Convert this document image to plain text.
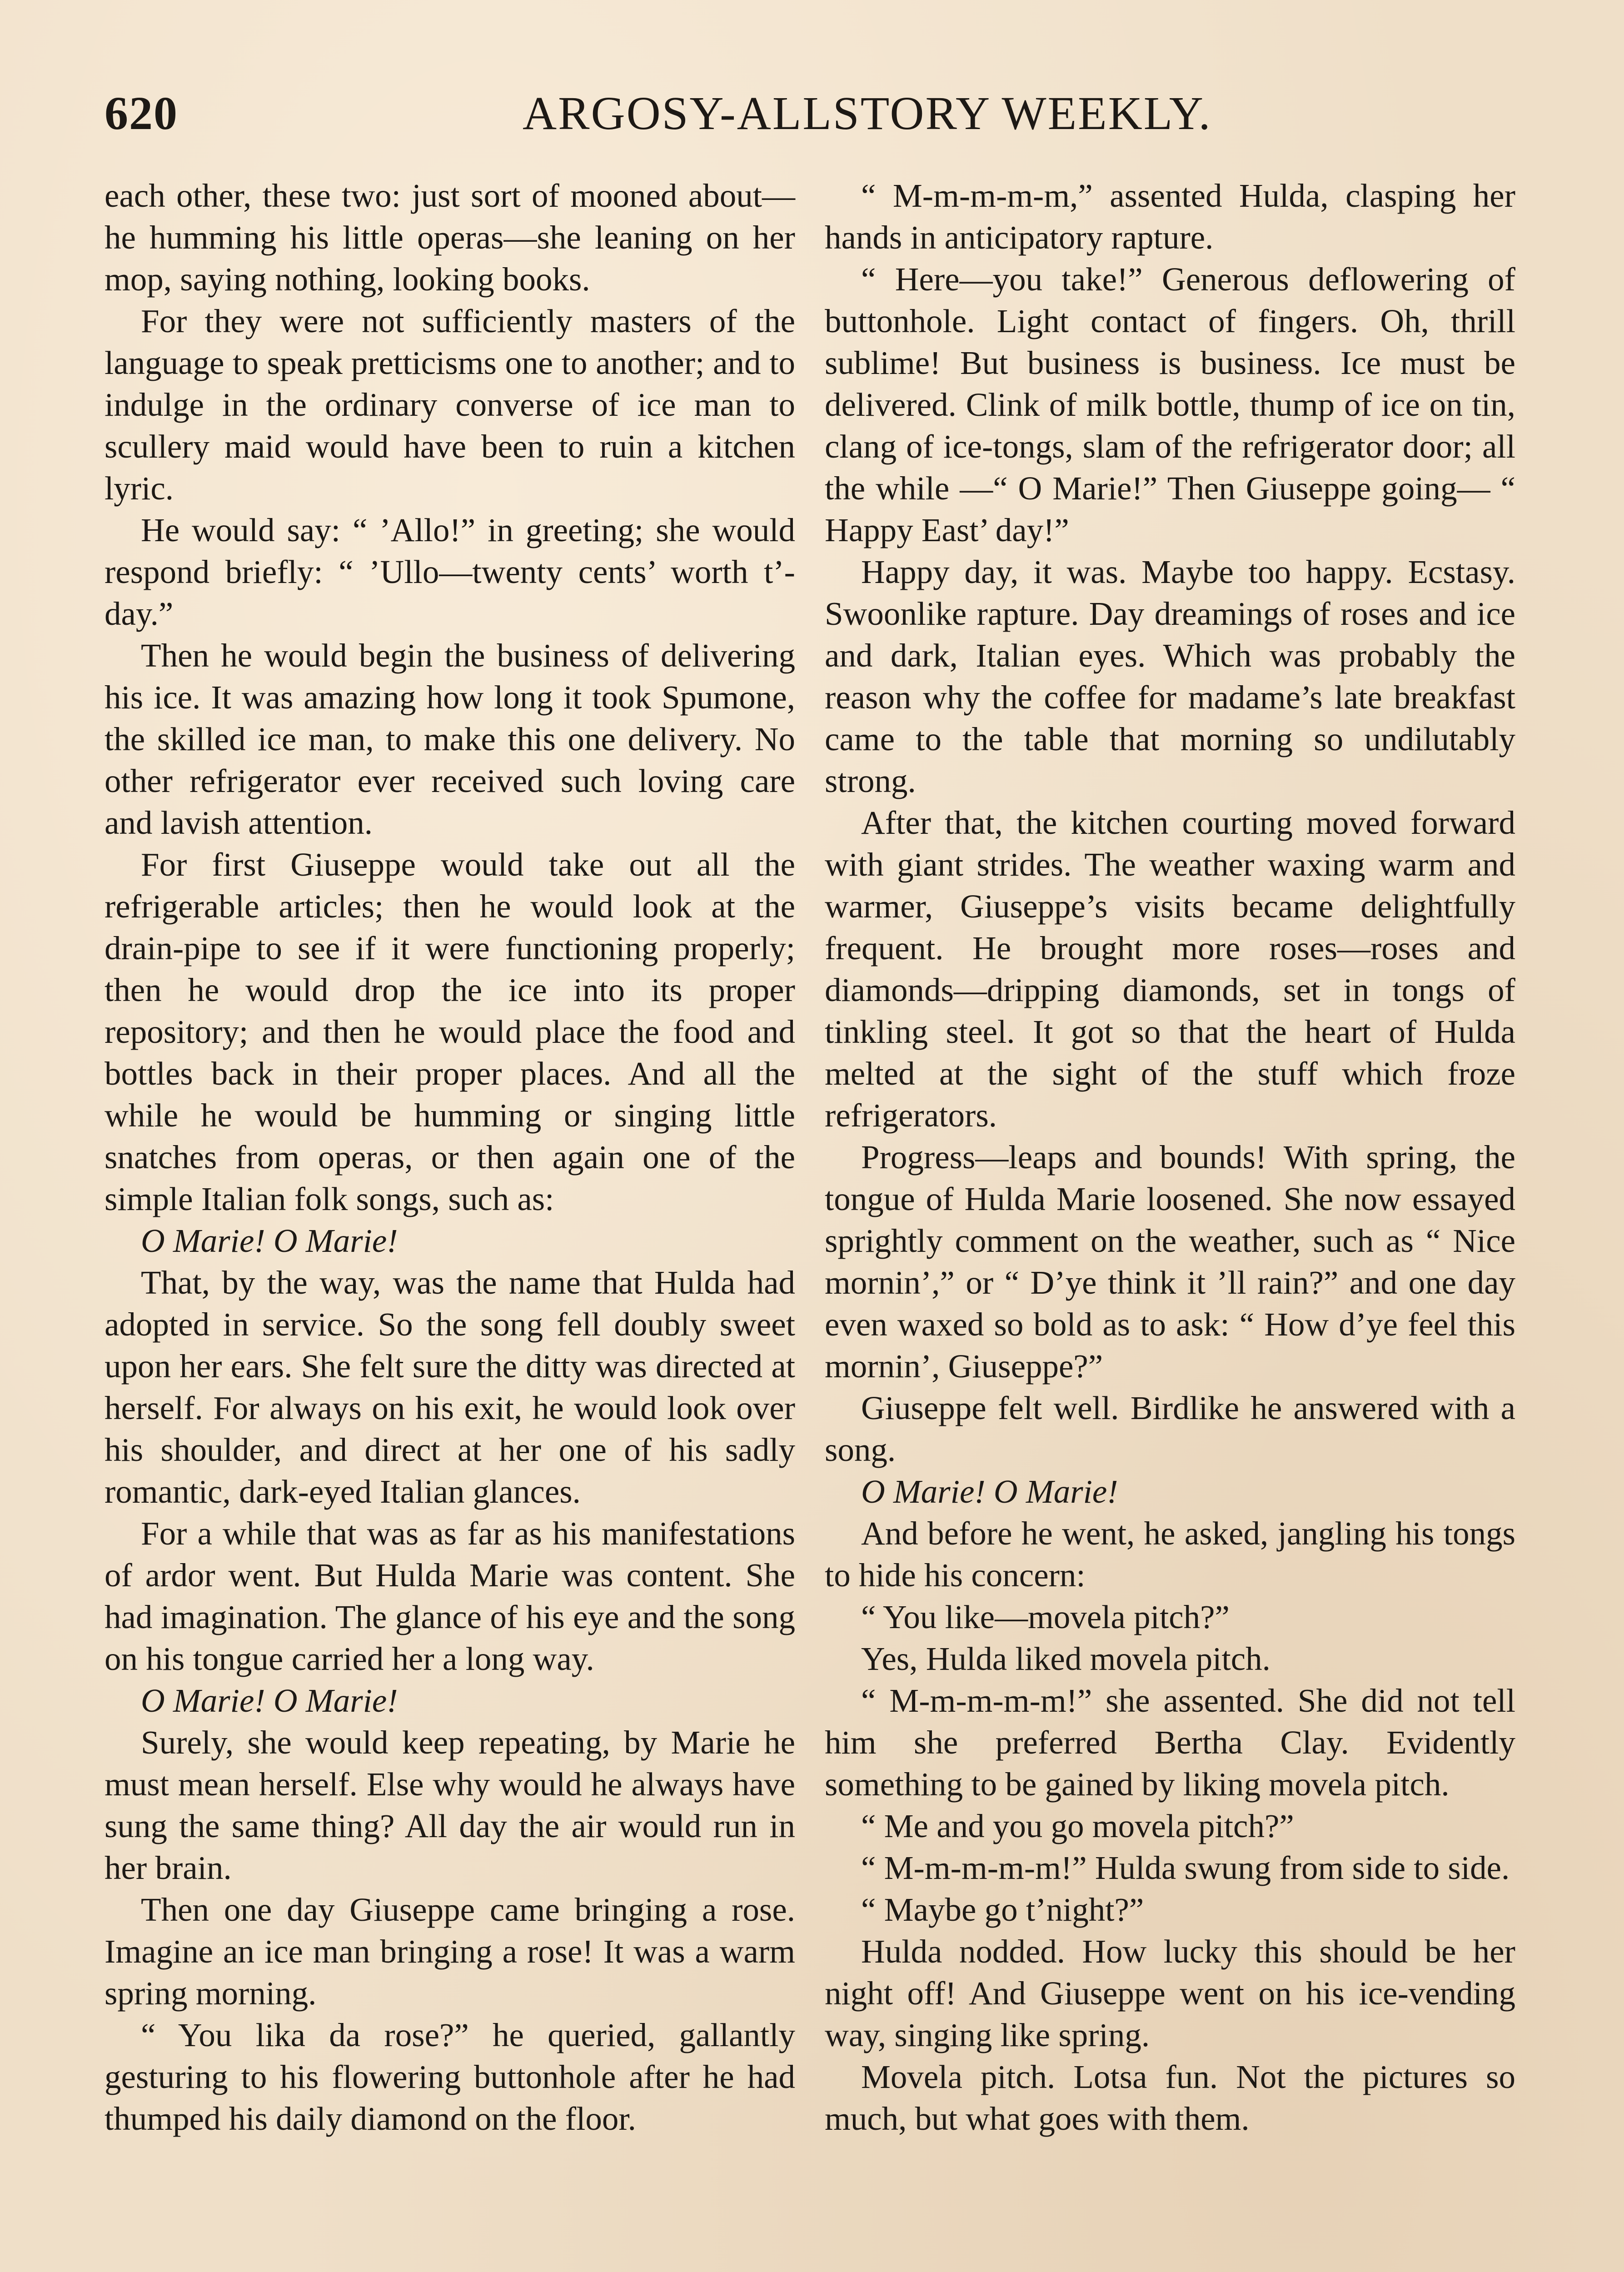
620	ARGOSY-ALLSTORY WEEKLY.

each other, these two: just sort of mooned about—he humming his little operas—she leaning on her mop, saying nothing, looking books.

For they were not sufficiently masters of the language to speak pretticisms one to another; and to indulge in the ordinary converse of ice man to scullery maid would have been to ruin a kitchen lyric.

He would say: “ ’Allo!” in greeting; she would respond briefly: “ ’Ullo—twenty cents’ worth t’-day.”

Then he would begin the business of delivering his ice. It was amazing how long it took Spumone, the skilled ice man, to make this one delivery. No other refrigerator ever received such loving care and lavish attention.

For first Giuseppe would take out all the refrigerable articles; then he would look at the drain-pipe to see if it were functioning properly; then he would drop the ice into its proper repository; and then he would place the food and bottles back in their proper places. And all the while he would be humming or singing little snatches from operas, or then again one of the simple Italian folk songs, such as:

O Marie! O Marie!

That, by the way, was the name that Hulda had adopted in service. So the song fell doubly sweet upon her ears. She felt sure the ditty was directed at herself. For always on his exit, he would look over his shoulder, and direct at her one of his sadly romantic, dark-eyed Italian glances.

For a while that was as far as his manifestations of ardor went. But Hulda Marie was content. She had imagination. The glance of his eye and the song on his tongue carried her a long way.

O Marie! O Marie!

Surely, she would keep repeating, by Marie he must mean herself. Else why would he always have sung the same thing? All day the air would run in her brain.

Then one day Giuseppe came bringing a rose. Imagine an ice man bringing a rose! It was a warm spring morning.

“ You lika da rose?” he queried, gallantly gesturing to his flowering buttonhole after he had thumped his daily diamond on the floor.

“ M-m-m-m-m,” assented Hulda, clasping her hands in anticipatory rapture.

“ Here—you take!” Generous deflowering of buttonhole. Light contact of fingers. Oh, thrill sublime! But business is business. Ice must be delivered. Clink of milk bottle, thump of ice on tin, clang of ice-tongs, slam of the refrigerator door; all the while —“ O Marie!” Then Giuseppe going— “ Happy East’ day!”

Happy day, it was. Maybe too happy. Ecstasy. Swoonlike rapture. Day dreamings of roses and ice and dark, Italian eyes. Which was probably the reason why the coffee for madame’s late breakfast came to the table that morning so undilutably strong.

After that, the kitchen courting moved forward with giant strides. The weather waxing warm and warmer, Giuseppe’s visits became delightfully frequent. He brought more roses—roses and diamonds—dripping diamonds, set in tongs of tinkling steel. It got so that the heart of Hulda melted at the sight of the stuff which froze refrigerators.

Progress—leaps and bounds! With spring, the tongue of Hulda Marie loosened. She now essayed sprightly comment on the weather, such as “ Nice mornin’,” or “ D’ye think it ’ll rain?” and one day even waxed so bold as to ask: “ How d’ye feel this mornin’, Giuseppe?”

Giuseppe felt well. Birdlike he answered with a song.

O Marie! O Marie!

And before he went, he asked, jangling his tongs to hide his concern:

“ You like—movela pitch?”

Yes, Hulda liked movela pitch.

“ M-m-m-m-m!” she assented. She did not tell him she preferred Bertha Clay. Evidently something to be gained by liking movela pitch.

“ Me and you go movela pitch?”

“ M-m-m-m-m!” Hulda swung from side to side.

“ Maybe go t’night?”

Hulda nodded. How lucky this should be her night off! And Giuseppe went on his ice-vending way, singing like spring.

Movela pitch. Lotsa fun. Not the pictures so much, but what goes with them.
